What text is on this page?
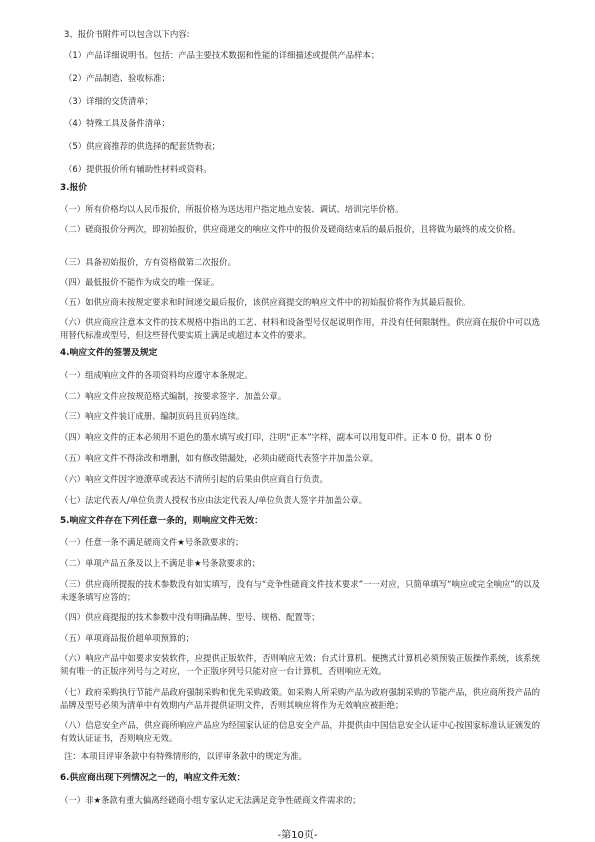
3、报价书附件可以包含以下内容:
（1）产品详细说明书。包括：产品主要技术数据和性能的详细描述或提供产品样本；
（2）产品制造、验收标准；
（3）详细的交货清单；
（4）特殊工具及备件清单；
（5）供应商推荐的供选择的配套货物表；
（6）提供报价所有辅助性材料或资料。
3.报价
（一）所有价格均以人民币报价，所报价格为送达用户指定地点安装、调试、培训完毕价格。
（二）磋商报价分两次，即初始报价，供应商递交的响应文件中的报价及磋商结束后的最后报价，且将做为最终的成交价格。
（三）具备初始报价，方有资格做第二次报价。
（四）最低报价不能作为成交的唯一保证。
（五）如供应商未按规定要求和时间递交最后报价，该供应商提交的响应文件中的初始报价将作为其最后报价。
（六）供应商应注意本文件的技术规格中指出的工艺、材料和设备型号仅起说明作用，并没有任何限制性。供应商在报价中可以选用替代标准或型号，但这些替代要实质上满足或超过本文件的要求。
4.响应文件的签署及规定
（一）组成响应文件的各项资料均应遵守本条规定。
（二）响应文件应按规范格式编制，按要求签字、加盖公章。
（三）响应文件装订成册、编制页码且页码连续。
（四）响应文件的正本必须用不退色的墨水填写或打印，注明“正本”字样，副本可以用复印件。正本 0 份，副本 0 份
（五）响应文件不得涂改和增删，如有修改错漏处，必须由磋商代表签字并加盖公章。
（六）响应文件因字迹潦草或表达不清所引起的后果由供应商自行负责。
（七）法定代表人/单位负责人授权书应由法定代表人/单位负责人签字并加盖公章。
5.响应文件存在下列任意一条的，则响应文件无效：
（一）任意一条不满足磋商文件★号条款要求的；
（二）单项产品五条及以上不满足非★号条款要求的；
（三）供应商所提报的技术参数没有如实填写，没有与“竞争性磋商文件技术要求”一一对应，只简单填写“响应或完全响应”的以及未逐条填写应答的；
（四）供应商提报的技术参数中没有明确品牌、型号、规格、配置等；
（五）单项商品报价超单项预算的；
（六）响应产品中如要求安装软件，应提供正版软件，否则响应无效；台式计算机、便携式计算机必须预装正版操作系统，该系统须有唯一的正版序列号与之对应，一个正版序列号只能对应一台计算机，否则响应无效。
（七）政府采购执行节能产品政府强制采购和优先采购政策。如采购人所采购产品为政府强制采购的节能产品，供应商所投产品的品牌及型号必须为清单中有效期内产品并提供证明文件，否则其响应将作为无效响应被拒绝；
（八）信息安全产品，供应商所响应产品应为经国家认证的信息安全产品，并提供由中国信息安全认证中心按国家标准认证颁发的有效认证证书，否则响应无效。
注：本项目评审条款中有特殊情形的，以评审条款中的规定为准。
6.供应商出现下列情况之一的，响应文件无效：
（一）非★条款有重大偏离经磋商小组专家认定无法满足竞争性磋商文件需求的；
-第10页-
